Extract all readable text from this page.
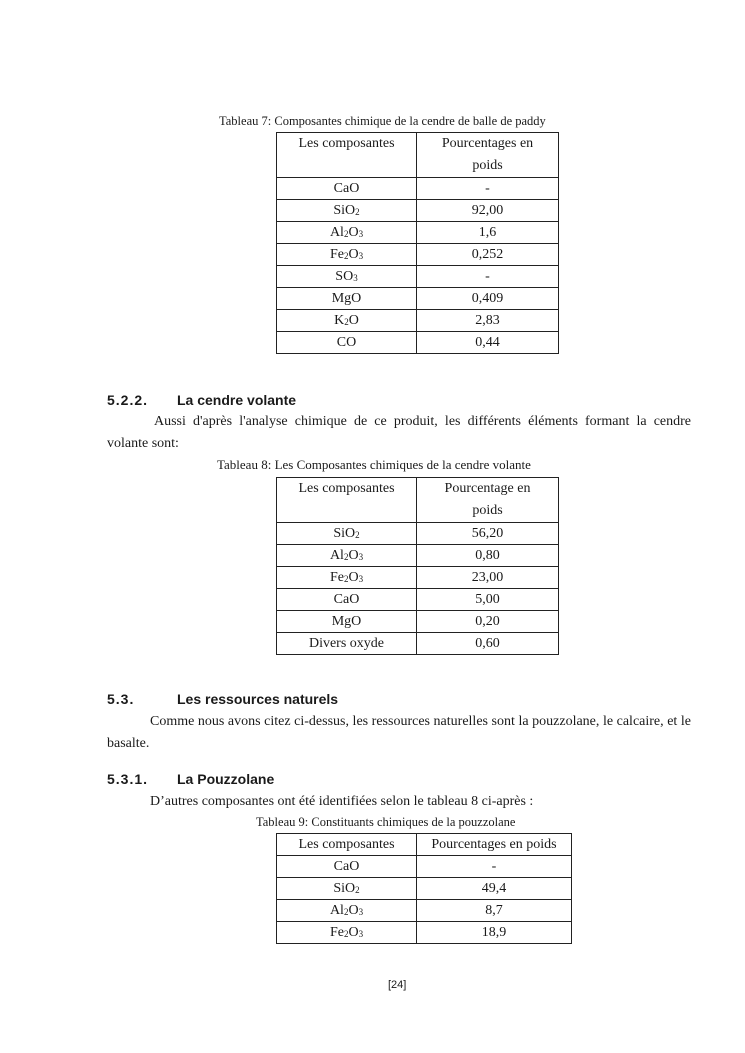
Tableau 7: Composantes chimique de la cendre de balle de paddy
Les composantes	Pourcentages en poids
CaO	-
SiO$_2$	92,00
$Al_2O_3$	1,6
$Fe_2O_3$	0,252
$SO_3$	-
MgO	0,409
$K_2O$	2,83
CO	0,44
5.2.2. La cendre volante
Aussi d'après l'analyse chimique de ce produit, les différents éléments formant la cendre volante sont:
Tableau 8: Les Composantes chimiques de la cendre volante
Les composantes	Pourcentage en poids
SiO$_2$	56,20
$Al_2O_3$	0,80
$Fe_2O_3$	23,00
CaO	5,00
MgO	0,20
Divers oxyde	0,60
5.3.	Les ressources naturels
Comme nous avons citez ci-dessus, les ressources naturelles sont la pouzzolane, le calcaire, et le basalte.
5.3.1. La Pouzzolane
D’autres composantes ont été identifiées selon le tableau 8 ci-après :
Tableau 9: Constituants chimiques de la pouzzolane
Les composantes	Pourcentages en poids
CaO	-
SiO$_2$	49,4
$Al_2O_3$	8,7
$Fe_2O_3$	18,9
[24]
